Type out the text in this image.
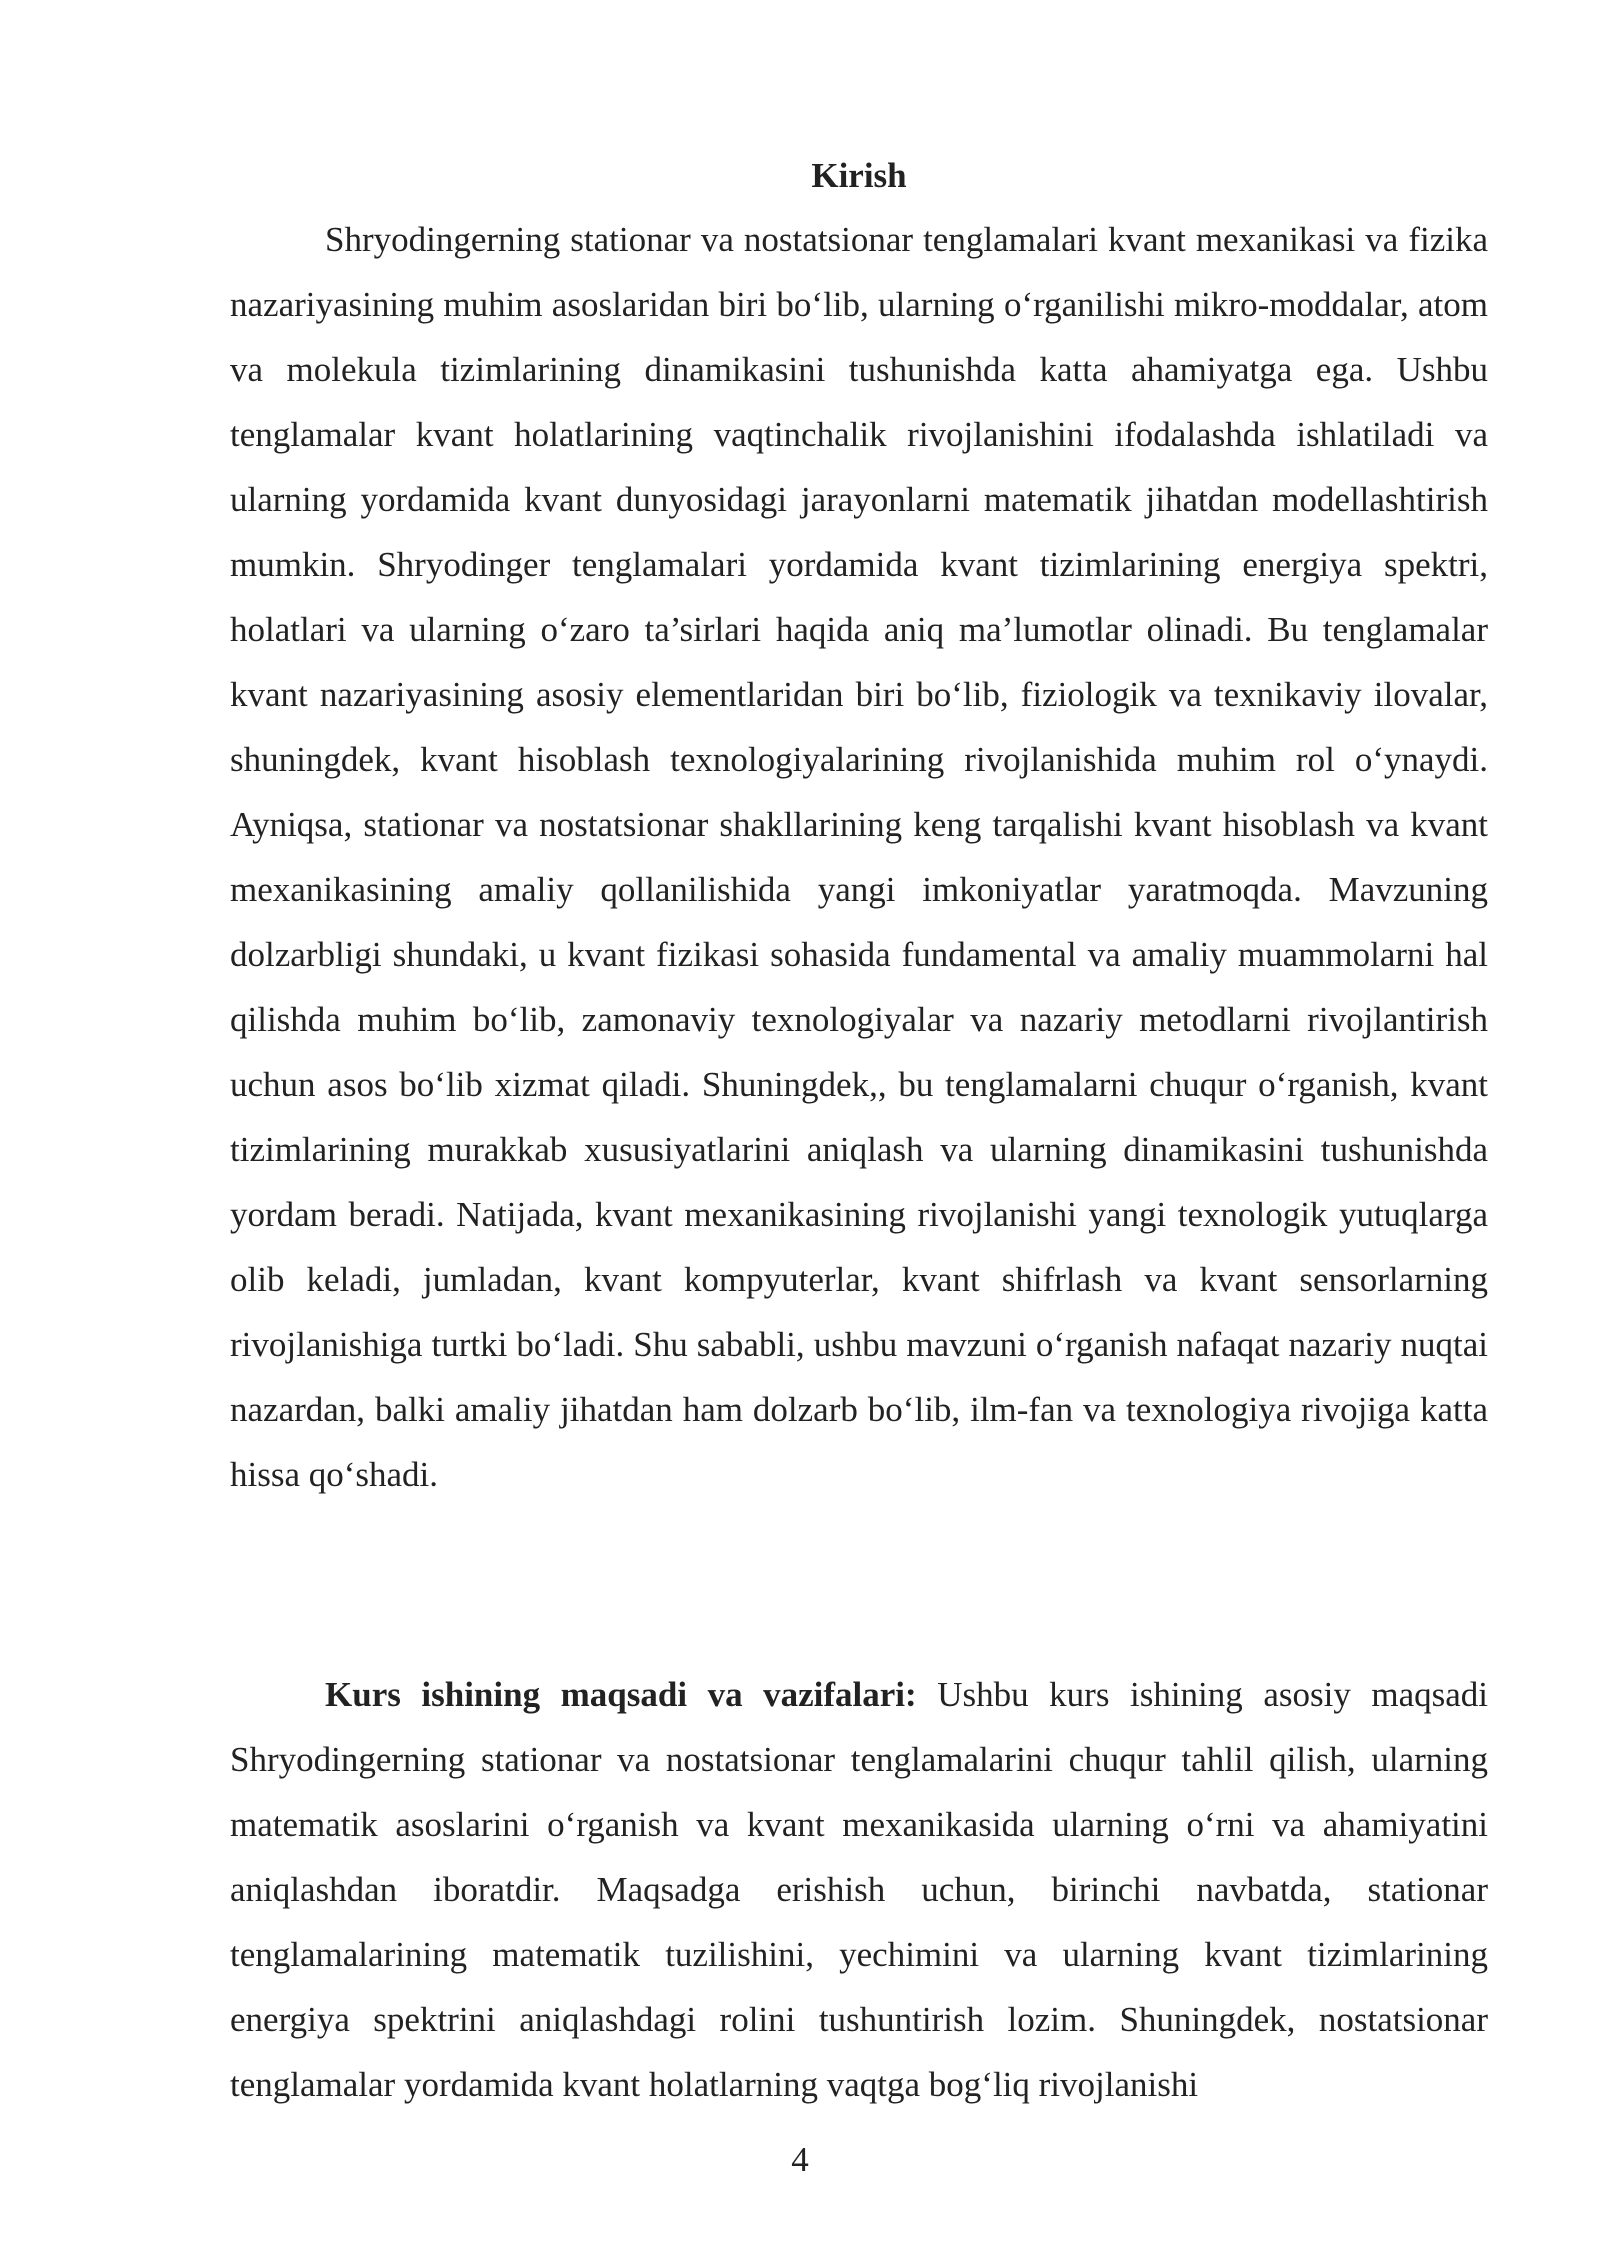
Kirish

Shryodingerning stationar va nostatsionar tenglamalari kvant mexanikasi va fizika nazariyasining muhim asoslaridan biri bo‘lib, ularning o‘rganilishi mikro-moddalar, atom va molekula tizimlarining dinamikasini tushunishda katta ahamiyatga ega. Ushbu tenglamalar kvant holatlarining vaqtinchalik rivojlanishini ifodalashda ishlatiladi va ularning yordamida kvant dunyosidagi jarayonlarni matematik jihatdan modellashtirish mumkin. Shryodinger tenglamalari yordamida kvant tizimlarining energiya spektri, holatlari va ularning o‘zaro ta’sirlari haqida aniq ma’lumotlar olinadi. Bu tenglamalar kvant nazariyasining asosiy elementlaridan biri bo‘lib, fiziologik va texnikaviy ilovalar, shuningdek, kvant hisoblash texnologiyalarining rivojlanishida muhim rol o‘ynaydi. Ayniqsa, stationar va nostatsionar shakllarining keng tarqalishi kvant hisoblash va kvant mexanikasining amaliy qollanilishida yangi imkoniyatlar yaratmoqda. Mavzuning dolzarbligi shundaki, u kvant fizikasi sohasida fundamental va amaliy muammolarni hal qilishda muhim bo‘lib, zamonaviy texnologiyalar va nazariy metodlarni rivojlantirish uchun asos bo‘lib xizmat qiladi. Shuningdek,, bu tenglamalarni chuqur o‘rganish, kvant tizimlarining murakkab xususiyatlarini aniqlash va ularning dinamikasini tushunishda yordam beradi. Natijada, kvant mexanikasining rivojlanishi yangi texnologik yutuqlarga olib keladi, jumladan, kvant kompyuterlar, kvant shifrlash va kvant sensorlarning rivojlanishiga turtki bo‘ladi. Shu sababli, ushbu mavzuni o‘rganish nafaqat nazariy nuqtai nazardan, balki amaliy jihatdan ham dolzarb bo‘lib, ilm-fan va texnologiya rivojiga katta hissa qo‘shadi.

Kurs ishining maqsadi va vazifalari: Ushbu kurs ishining asosiy maqsadi Shryodingerning stationar va nostatsionar tenglamalarini chuqur tahlil qilish, ularning matematik asoslarini o‘rganish va kvant mexanikasida ularning o‘rni va ahamiyatini aniqlashdan iboratdir. Maqsadga erishish uchun, birinchi navbatda, stationar tenglamalarining matematik tuzilishini, yechimini va ularning kvant tizimlarining energiya spektrini aniqlashdagi rolini tushuntirish lozim. Shuningdek, nostatsionar tenglamalar yordamida kvant holatlarning vaqtga bog‘liq rivojlanishi

4
